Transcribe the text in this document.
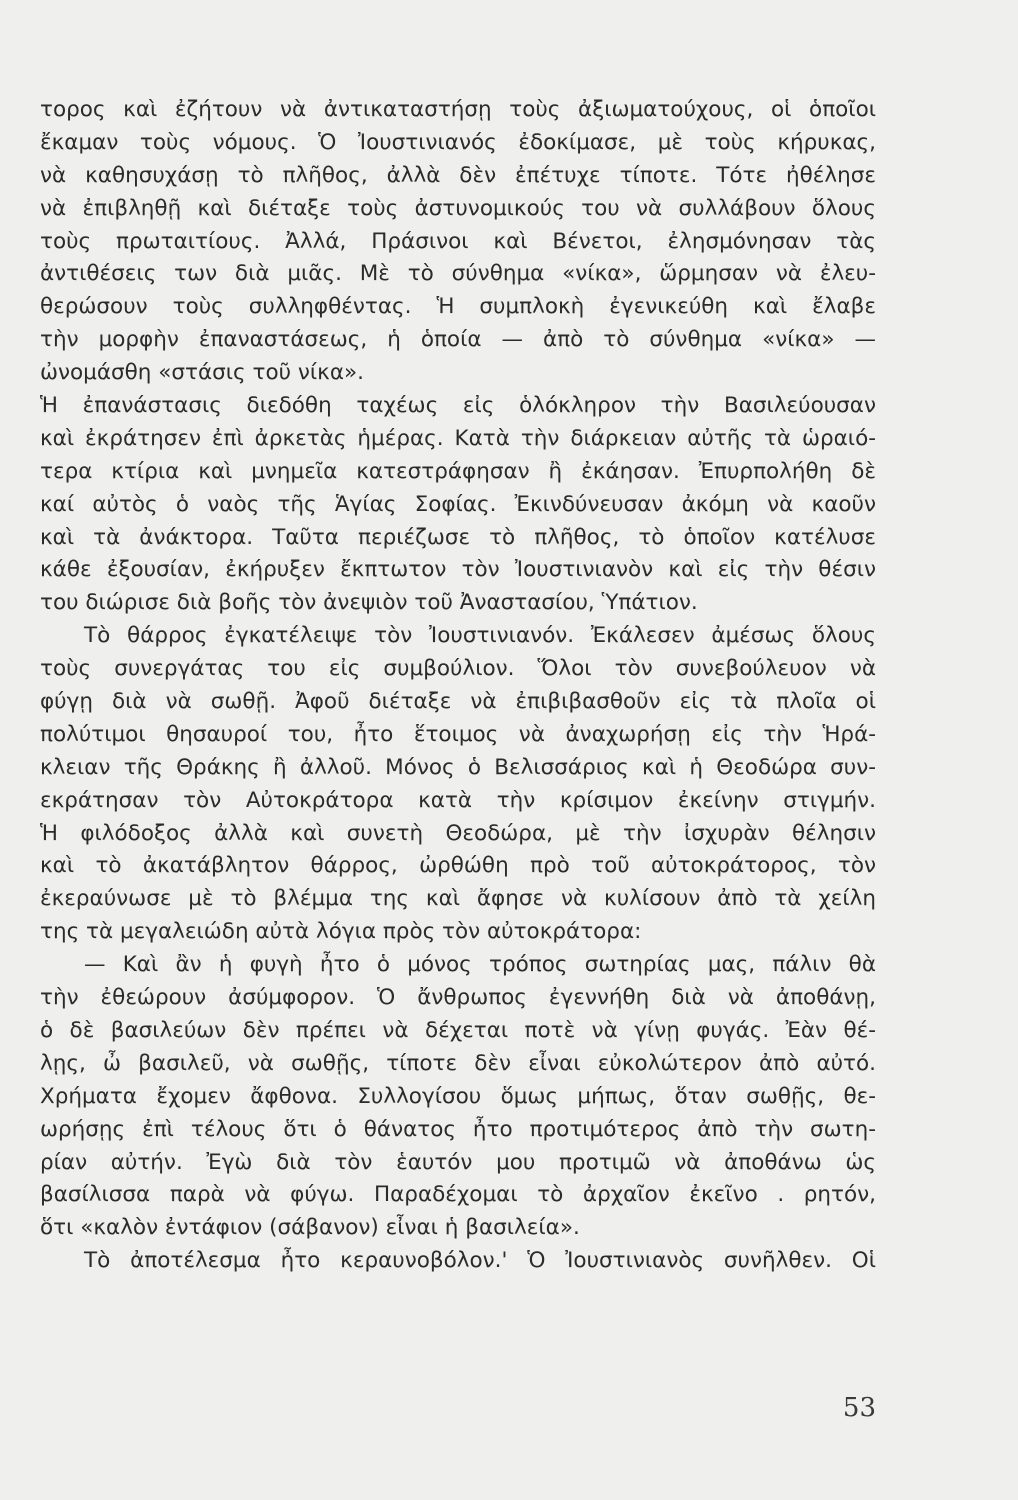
τορος καὶ ἐζήτουν νὰ ἀντικαταστήσῃ τοὺς ἀξιωματούχους, οἱ ὁποῖοι
ἔκαμαν τοὺς νόμους. Ὁ Ἰουστινιανός ἐδοκίμασε, μὲ τοὺς κήρυκας,
νὰ καθησυχάσῃ τὸ πλῆθος, ἀλλὰ δὲν ἐπέτυχε τίποτε. Τότε ἠθέλησε
νὰ ἐπιβληθῇ καὶ διέταξε τοὺς ἀστυνομικούς του νὰ συλλάβουν ὅλους
τοὺς πρωταιτίους. Ἀλλά, Πράσινοι καὶ Βένετοι, ἐλησμόνησαν τὰς
ἀντιθέσεις των διὰ μιᾶς. Μὲ τὸ σύνθημα «νίκα», ὥρμησαν νὰ ἐλευ-
θερώσουν τοὺς συλληφθέντας. Ἡ συμπλοκὴ ἐγενικεύθη καὶ ἔλαβε
τὴν μορφὴν ἐπαναστάσεως, ἡ ὁποία — ἀπὸ τὸ σύνθημα «νίκα» —
ὠνομάσθη «στάσις τοῦ νίκα».
Ἡ ἐπανάστασις διεδόθη ταχέως εἰς ὁλόκληρον τὴν Βασιλεύουσαν
καὶ ἐκράτησεν ἐπὶ ἀρκετὰς ἡμέρας. Κατὰ τὴν διάρκειαν αὐτῆς τὰ ὡραιό-
τερα κτίρια καὶ μνημεῖα κατεστράφησαν ἢ ἐκάησαν. Ἐπυρπολήθη δὲ
καί αὐτὸς ὁ ναὸς τῆς Ἁγίας Σοφίας. Ἐκινδύνευσαν ἀκόμη νὰ καοῦν
καὶ τὰ ἀνάκτορα. Ταῦτα περιέζωσε τὸ πλῆθος, τὸ ὁποῖον κατέλυσε
κάθε ἐξουσίαν, ἐκήρυξεν ἔκπτωτον τὸν Ἰουστινιανὸν καὶ εἰς τὴν θέσιν
του διώρισε διὰ βοῆς τὸν ἀνεψιὸν τοῦ Ἀναστασίου, Ὑπάτιον.
Τὸ θάρρος ἐγκατέλειψε τὸν Ἰουστινιανόν. Ἐκάλεσεν ἀμέσως ὅλους
τοὺς συνεργάτας του εἰς συμβούλιον. Ὅλοι τὸν συνεβούλευον νὰ
φύγῃ διὰ νὰ σωθῇ. Ἀφοῦ διέταξε νὰ ἐπιβιβασθοῦν εἰς τὰ πλοῖα οἱ
πολύτιμοι θησαυροί του, ἦτο ἕτοιμος νὰ ἀναχωρήσῃ εἰς τὴν Ἡρά-
κλειαν τῆς Θράκης ἢ ἀλλοῦ. Μόνος ὁ Βελισσάριος καὶ ἡ Θεοδώρα συν-
εκράτησαν τὸν Αὐτοκράτορα κατὰ τὴν κρίσιμον ἐκείνην στιγμήν.
Ἡ φιλόδοξος ἀλλὰ καὶ συνετὴ Θεοδώρα, μὲ τὴν ἰσχυρὰν θέλησιν
καὶ τὸ ἀκατάβλητον θάρρος, ὠρθώθη πρὸ τοῦ αὐτοκράτορος, τὸν
ἐκεραύνωσε μὲ τὸ βλέμμα της καὶ ἄφησε νὰ κυλίσουν ἀπὸ τὰ χείλη
της τὰ μεγαλειώδη αὐτὰ λόγια πρὸς τὸν αὐτοκράτορα:
— Καὶ ἂν ἡ φυγὴ ἦτο ὁ μόνος τρόπος σωτηρίας μας, πάλιν θὰ
τὴν ἐθεώρουν ἀσύμφορον. Ὁ ἄνθρωπος ἐγεννήθη διὰ νὰ ἀποθάνῃ,
ὁ δὲ βασιλεύων δὲν πρέπει νὰ δέχεται ποτὲ νὰ γίνῃ φυγάς. Ἐὰν θέ-
λῃς, ὦ βασιλεῦ, νὰ σωθῇς, τίποτε δὲν εἶναι εὐκολώτερον ἀπὸ αὐτό.
Χρήματα ἔχομεν ἄφθονα. Συλλογίσου ὅμως μήπως, ὅταν σωθῇς, θε-
ωρήσῃς ἐπὶ τέλους ὅτι ὁ θάνατος ἦτο προτιμότερος ἀπὸ τὴν σωτη-
ρίαν αὐτήν. Ἐγὼ διὰ τὸν ἑαυτόν μου προτιμῶ νὰ ἀποθάνω ὡς
βασίλισσα παρὰ νὰ φύγω. Παραδέχομαι τὸ ἀρχαῖον ἐκεῖνο . ρητόν,
ὅτι «καλὸν ἐντάφιον (σάβανον) εἶναι ἡ βασιλεία».
Τὸ ἀποτέλεσμα ἦτο κεραυνοβόλον.' Ὁ Ἰουστινιανὸς συνῆλθεν. Οἱ
53
